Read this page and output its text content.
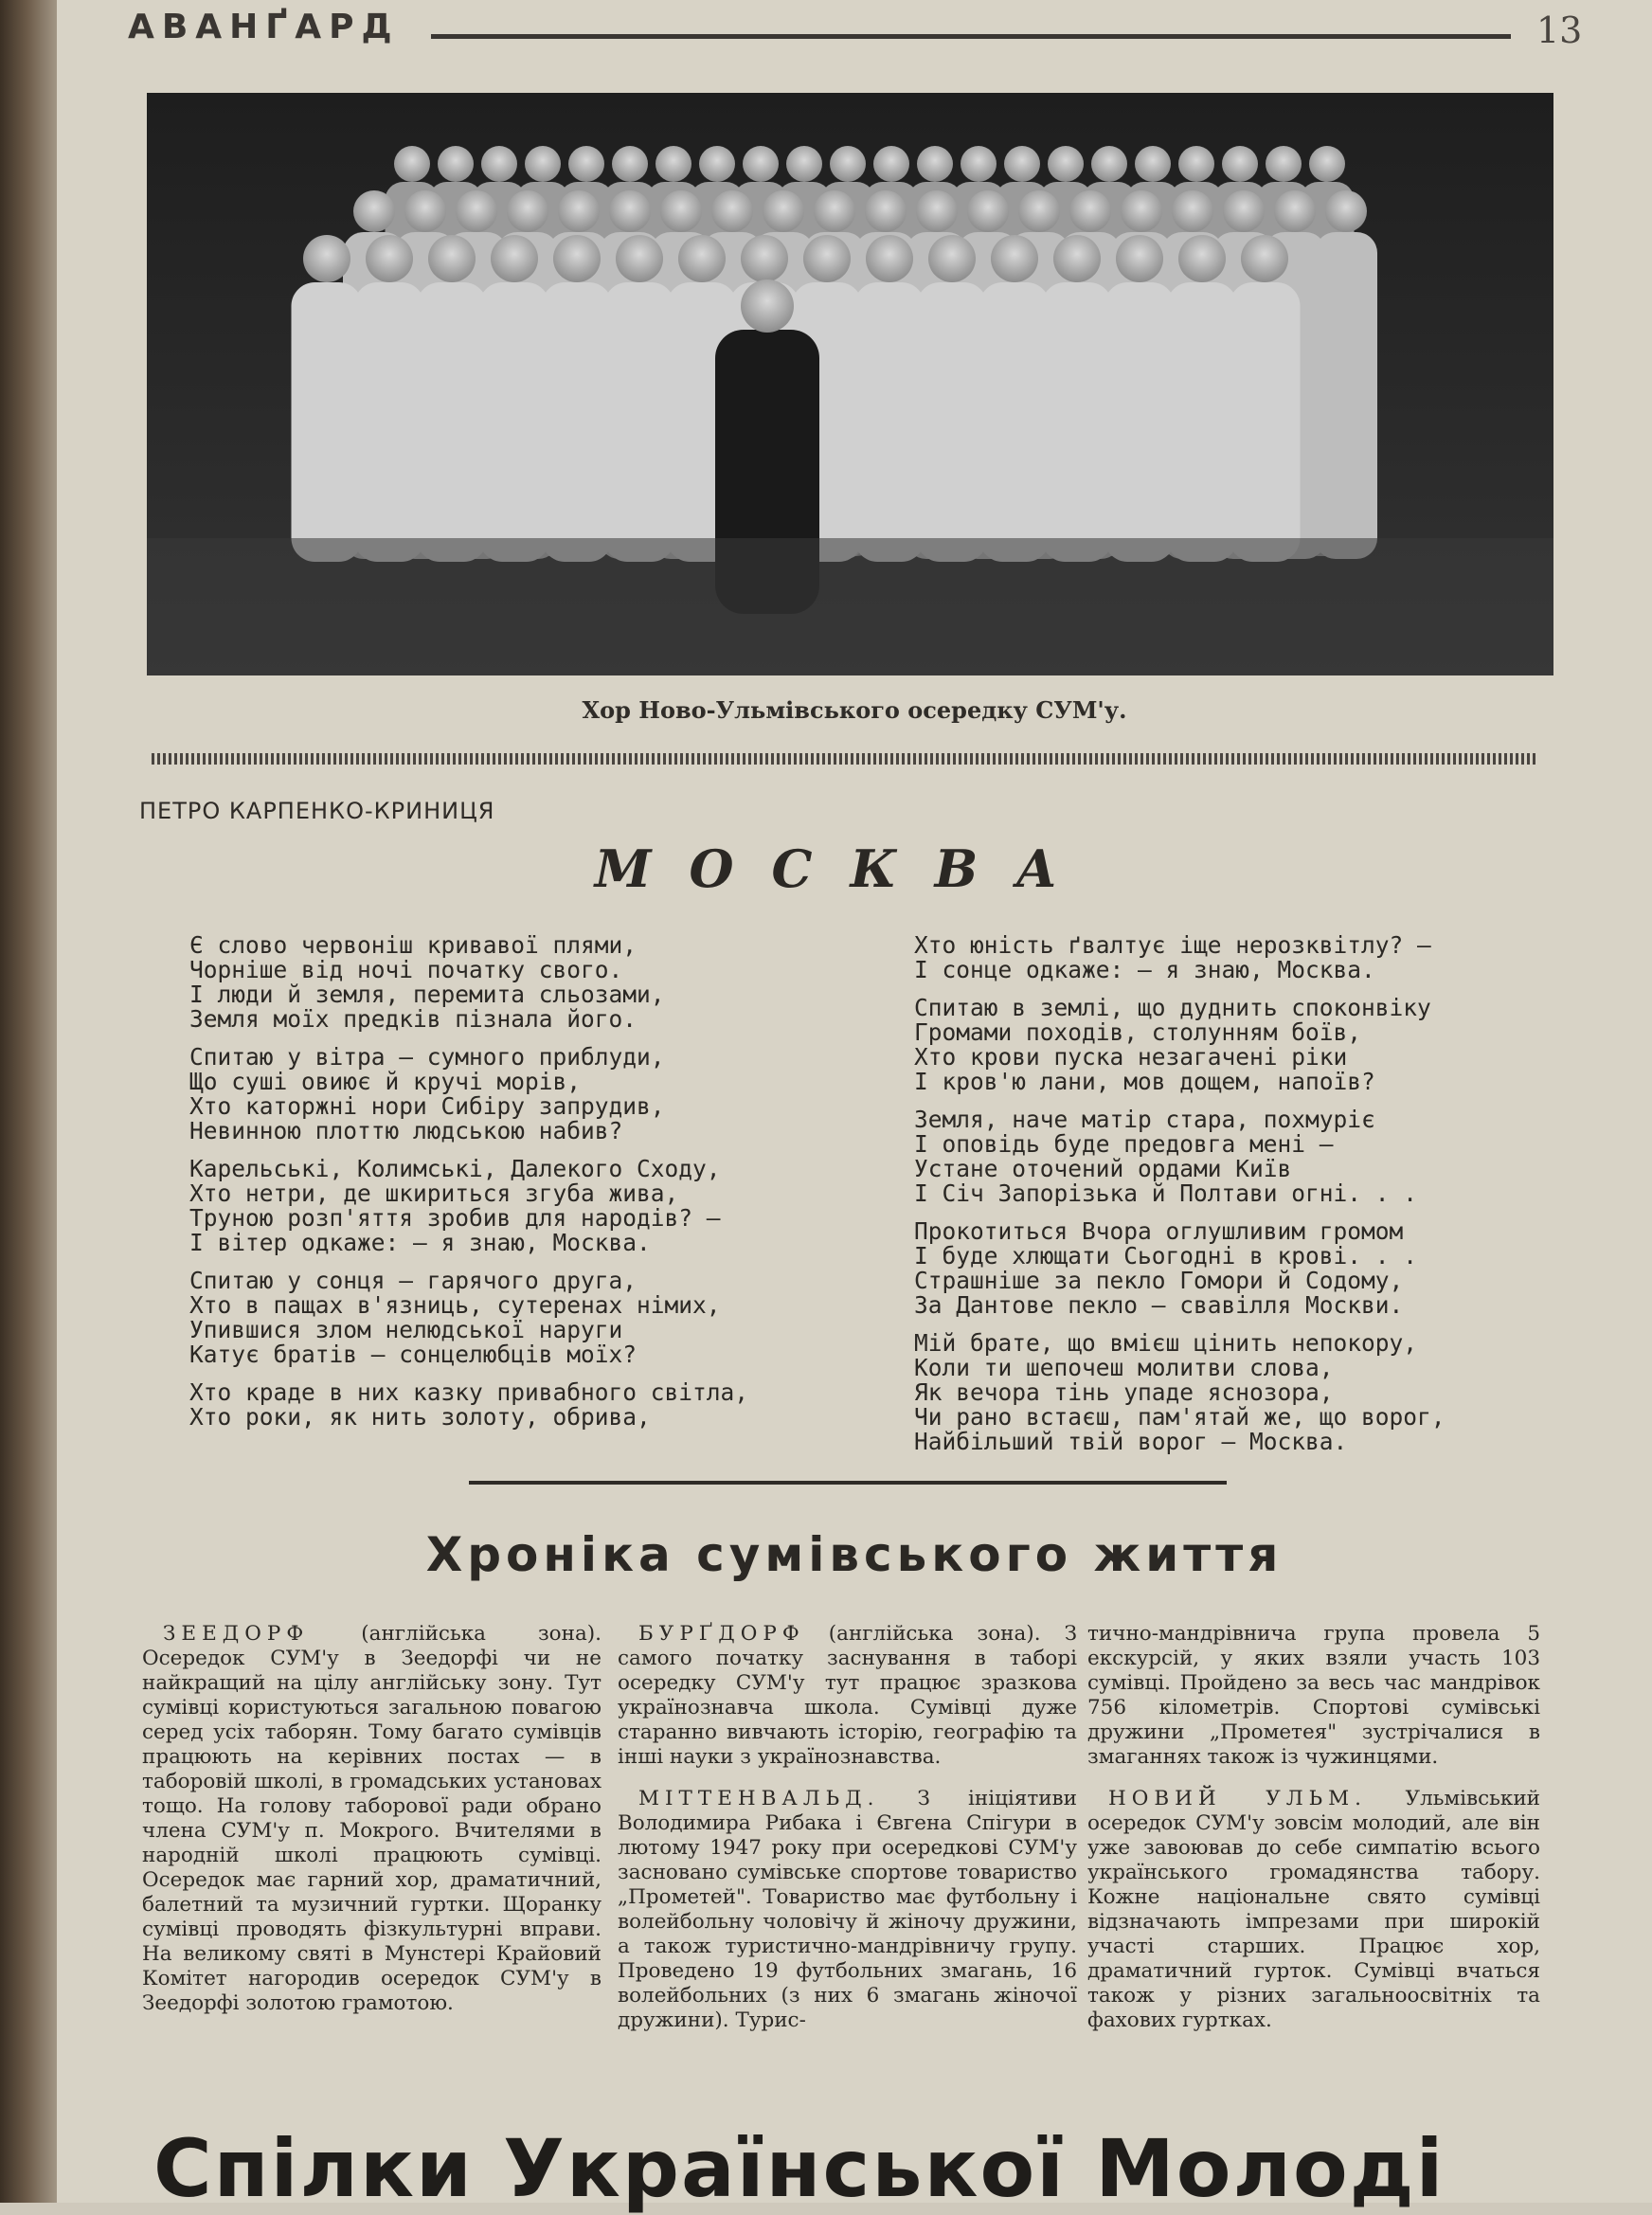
АВАНҐАРД	13
Хор Ново-Ульмівського осередку СУМ'у.
ПЕТРО КАРПЕНКО-КРИНИЦЯ
МОСКВА
Є слово червоніш кривавої плями,
Чорніше від ночі початку свого.
І люди й земля, перемита сльозами,
Земля моїх предків пізнала його.
Спитаю у вітра — сумного приблуди,
Що суші овиює й кручі морів,
Хто каторжні нори Сибіру запрудив,
Невинною плоттю людською набив?
Карельські, Колимські, Далекого Сходу,
Хто нетри, де шкириться згуба жива,
Труною розп'яття зробив для народів? —
І вітер одкаже: — я знаю, Москва.
Спитаю у сонця — гарячого друга,
Хто в пащах в'язниць, сутеренах німих,
Упившися злом нелюдської наруги
Катує братів — сонцелюбців моїх?
Хто краде в них казку привабного світла,
Хто роки, як нить золоту, обрива,
Хто юність ґвалтує іще нерозквітлу? —
І сонце одкаже: — я знаю, Москва.
Спитаю в землі, що дуднить споконвіку
Громами походів, столунням боїв,
Хто крови пуска незагачені ріки
І кров'ю лани, мов дощем, напоїв?
Земля, наче матір стара, похмуріє
І оповідь буде предовга мені —
Устане оточений ордами Київ
І Січ Запорізька й Полтави огні. . .
Прокотиться Вчора оглушливим громом
І буде хлющати Сьогодні в крові. . .
Страшніше за пекло Гомори й Содому,
За Дантове пекло — свавілля Москви.
Мій брате, що вмієш цінить непокору,
Коли ти шепочеш молитви слова,
Як вечора тінь упаде яснозора,
Чи рано встаєш, пам'ятай же, що ворог,
Найбільший твій ворог — Москва.
Хроніка сумівського життя

ЗЕЕДОРФ (англійська зона). Осередок СУМ'у в Зеедорфі чи не найкращий на цілу англійську зону. Тут сумівці користуються загальною повагою серед усіх таборян. Тому багато сумівців працюють на керівних постах — в таборовій школі, в громадських установах тощо. На голову таборової ради обрано члена СУМ'у п. Мокрого. Вчителями в народній школі працюють сумівці. Осередок має гарний хор, драматичний, балетний та музичний гуртки. Щоранку сумівці проводять фізкультурні вправи. На великому святі в Мунстері Крайовий Комітет нагородив осередок СУМ'у в Зеедорфі золотою грамотою.

БУРҐДОРФ (англійська зона). З самого початку заснування в таборі осередку СУМ'у тут працює зразкова українознавча школа. Сумівці дуже старанно вивчають історію, географію та інші науки з українознавства.

МІТТЕНВАЛЬД. З ініціятиви Володимира Рибака і Євгена Спігури в лютому 1947 року при осередкові СУМ'у засновано сумівське спортове товариство „Прометей". Товариство має футбольну і волейбольну чоловічу й жіночу дружини, а також туристично-мандрівничу групу. Проведено 19 футбольних змагань, 16 волейбольних (з них 6 змагань жіночої дружини). Турис-

тично-мандрівнича група провела 5 екскурсій, у яких взяли участь 103 сумівці. Пройдено за весь час мандрівок 756 кілометрів. Спортові сумівські дружини „Прометея" зустрічалися в змаганнях також із чужинцями.

НОВИЙ УЛЬМ. Ульмівський осередок СУМ'у зовсім молодий, але він уже завоював до себе симпатію всього українського громадянства табору. Кожне національне свято сумівці відзначають імпрезами при широкій участі старших. Працює хор, драматичний гурток. Сумівці вчаться також у різних загальноосвітніх та фахових гуртках.

Спілки Української Молоді
